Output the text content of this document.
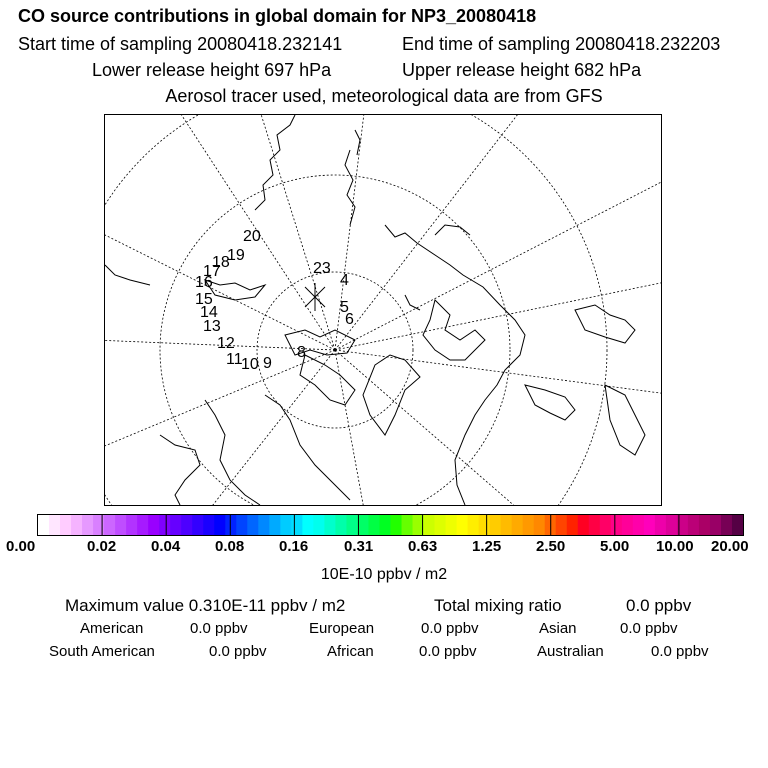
CO source contributions in global domain for NP3_20080418
Start time of sampling 20080418.232141	End time of sampling 20080418.232203
Lower release height 697 hPa	Upper release height 682 hPa
Aerosol tracer used, meteorological data are from GFS
4
5
6
8
9
10
11
12
13
14
15
16
17
18
19
20
23
0.00	0.02 0.04 0.08 0.16 0.31 0.63 1.25 2.50 5.00 10.00 20.00
10E-10 ppbv / m2
Maximum value 0.310E-11 ppbv / m2	Total mixing ratio	0.0 ppbv
American	0.0 ppbv	European	0.0 ppbv	Asian	0.0 ppbv
South American	0.0 ppbv	African	0.0 ppbv	Australian	0.0 ppbv
